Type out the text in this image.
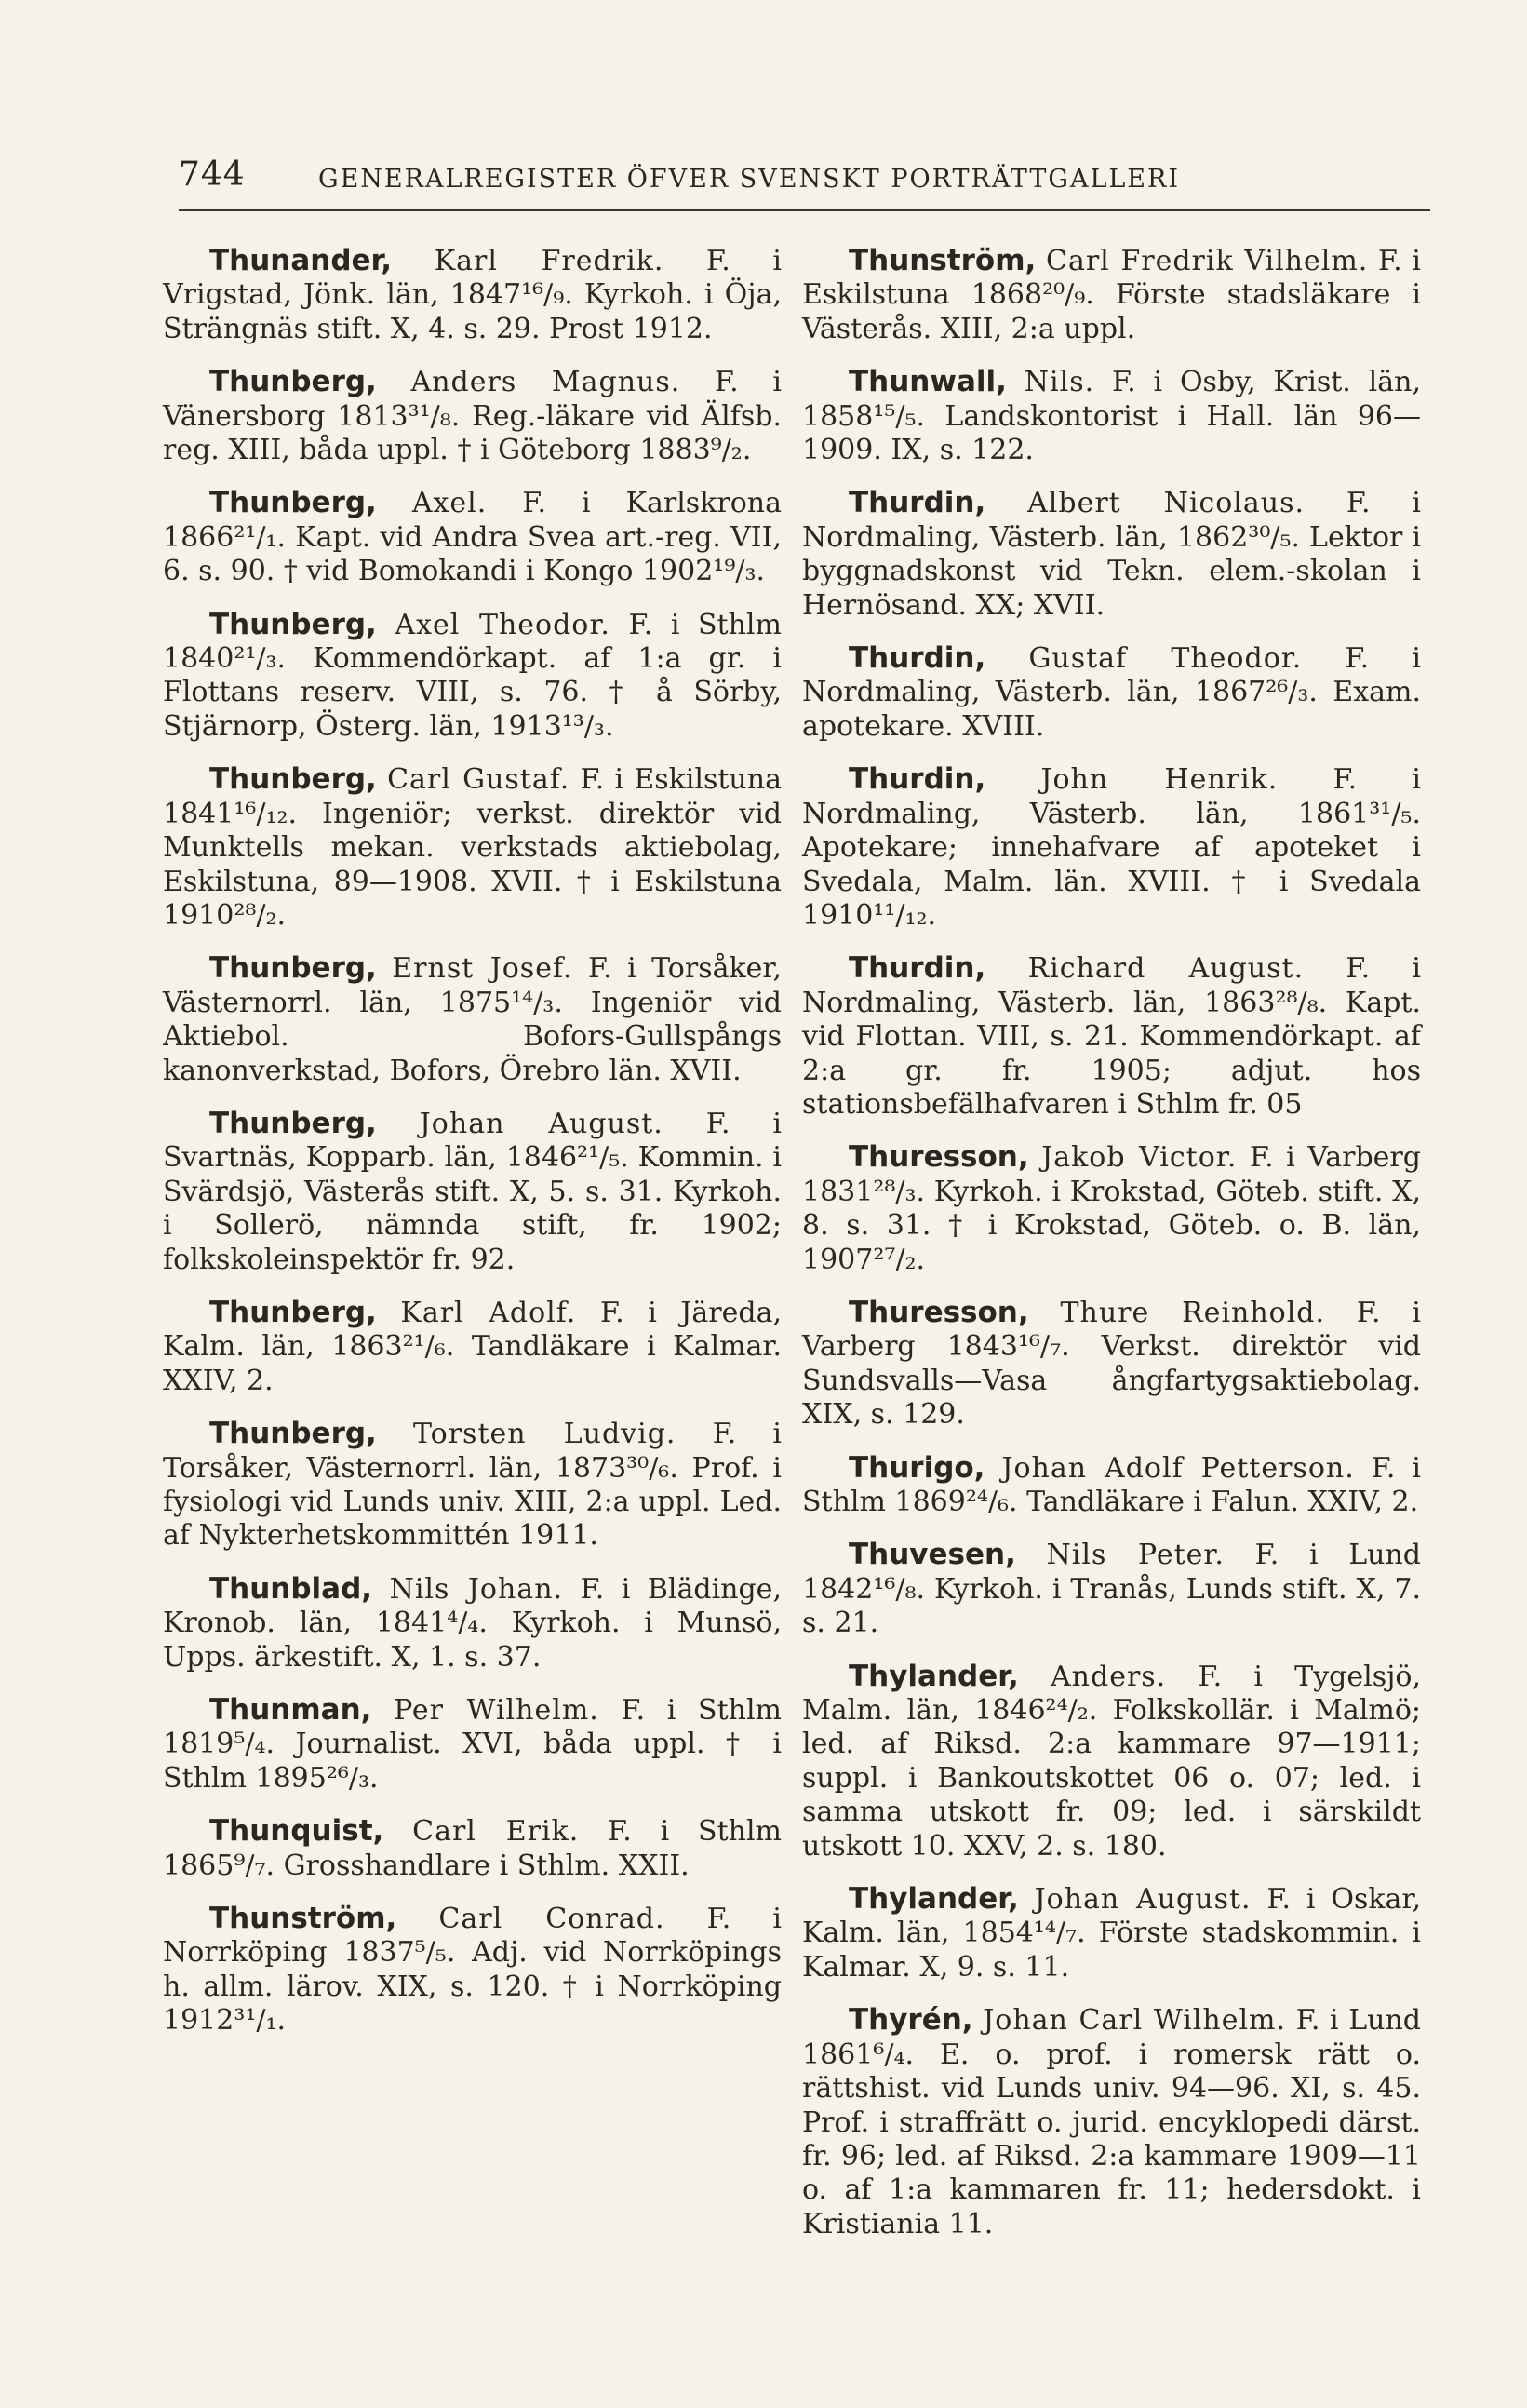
744	GENERALREGISTER ÖFVER SVENSKT PORTRÄTTGALLERI

Thunander, Karl Fredrik. F. i Vrigstad, Jönk. län, 1847¹⁶/₉. Kyrkoh. i Öja, Strängnäs stift. X, 4. s. 29. Prost 1912.

Thunberg, Anders Magnus. F. i Vänersborg 1813³¹/₈. Reg.-läkare vid Älfsb. reg. XIII, båda uppl. † i Göteborg 1883⁹/₂.

Thunberg, Axel. F. i Karlskrona 1866²¹/₁. Kapt. vid Andra Svea art.-reg. VII, 6. s. 90. † vid Bomokandi i Kongo 1902¹⁹/₃.

Thunberg, Axel Theodor. F. i Sthlm 1840²¹/₃. Kommendörkapt. af 1:a gr. i Flottans reserv. VIII, s. 76. † å Sörby, Stjärnorp, Österg. län, 1913¹³/₃.

Thunberg, Carl Gustaf. F. i Eskilstuna 1841¹⁶/₁₂. Ingeniör; verkst. direktör vid Munktells mekan. verkstads aktiebolag, Eskilstuna, 89—1908. XVII. † i Eskilstuna 1910²⁸/₂.

Thunberg, Ernst Josef. F. i Torsåker, Västernorrl. län, 1875¹⁴/₃. Ingeniör vid Aktiebol. Bofors-Gullspångs kanonverkstad, Bofors, Örebro län. XVII.

Thunberg, Johan August. F. i Svartnäs, Kopparb. län, 1846²¹/₅. Kommin. i Svärdsjö, Västerås stift. X, 5. s. 31. Kyrkoh. i Sollerö, nämnda stift, fr. 1902; folkskoleinspektör fr. 92.

Thunberg, Karl Adolf. F. i Järeda, Kalm. län, 1863²¹/₆. Tandläkare i Kalmar. XXIV, 2.

Thunberg, Torsten Ludvig. F. i Torsåker, Västernorrl. län, 1873³⁰/₆. Prof. i fysiologi vid Lunds univ. XIII, 2:a uppl. Led. af Nykterhetskommittén 1911.

Thunblad, Nils Johan. F. i Blädinge, Kronob. län, 1841⁴/₄. Kyrkoh. i Munsö, Upps. ärkestift. X, 1. s. 37.

Thunman, Per Wilhelm. F. i Sthlm 1819⁵/₄. Journalist. XVI, båda uppl. † i Sthlm 1895²⁶/₃.

Thunquist, Carl Erik. F. i Sthlm 1865⁹/₇. Grosshandlare i Sthlm. XXII.

Thunström, Carl Conrad. F. i Norrköping 1837⁵/₅. Adj. vid Norrköpings h. allm. lärov. XIX, s. 120. † i Norrköping 1912³¹/₁.

Thunström, Carl Fredrik Vilhelm. F. i Eskilstuna 1868²⁰/₉. Förste stadsläkare i Västerås. XIII, 2:a uppl.

Thunwall, Nils. F. i Osby, Krist. län, 1858¹⁵/₅. Landskontorist i Hall. län 96—1909. IX, s. 122.

Thurdin, Albert Nicolaus. F. i Nordmaling, Västerb. län, 1862³⁰/₅. Lektor i byggnadskonst vid Tekn. elem.-skolan i Hernösand. XX; XVII.

Thurdin, Gustaf Theodor. F. i Nordmaling, Västerb. län, 1867²⁶/₃. Exam. apotekare. XVIII.

Thurdin, John Henrik. F. i Nordmaling, Västerb. län, 1861³¹/₅. Apotekare; innehafvare af apoteket i Svedala, Malm. län. XVIII. † i Svedala 1910¹¹/₁₂.

Thurdin, Richard August. F. i Nordmaling, Västerb. län, 1863²⁸/₈. Kapt. vid Flottan. VIII, s. 21. Kommendörkapt. af 2:a gr. fr. 1905; adjut. hos stationsbefälhafvaren i Sthlm fr. 05

Thuresson, Jakob Victor. F. i Varberg 1831²⁸/₃. Kyrkoh. i Krokstad, Göteb. stift. X, 8. s. 31. † i Krokstad, Göteb. o. B. län, 1907²⁷/₂.

Thuresson, Thure Reinhold. F. i Varberg 1843¹⁶/₇. Verkst. direktör vid Sundsvalls—Vasa ångfartygsaktiebolag. XIX, s. 129.

Thurigo, Johan Adolf Petterson. F. i Sthlm 1869²⁴/₆. Tandläkare i Falun. XXIV, 2.

Thuvesen, Nils Peter. F. i Lund 1842¹⁶/₈. Kyrkoh. i Tranås, Lunds stift. X, 7. s. 21.

Thylander, Anders. F. i Tygelsjö, Malm. län, 1846²⁴/₂. Folkskollär. i Malmö; led. af Riksd. 2:a kammare 97—1911; suppl. i Bankoutskottet 06 o. 07; led. i samma utskott fr. 09; led. i särskildt utskott 10. XXV, 2. s. 180.

Thylander, Johan August. F. i Oskar, Kalm. län, 1854¹⁴/₇. Förste stadskommin. i Kalmar. X, 9. s. 11.

Thyrén, Johan Carl Wilhelm. F. i Lund 1861⁶/₄. E. o. prof. i romersk rätt o. rättshist. vid Lunds univ. 94—96. XI, s. 45. Prof. i straffrätt o. jurid. encyklopedi därst. fr. 96; led. af Riksd. 2:a kammare 1909—11 o. af 1:a kammaren fr. 11; hedersdokt. i Kristiania 11.
